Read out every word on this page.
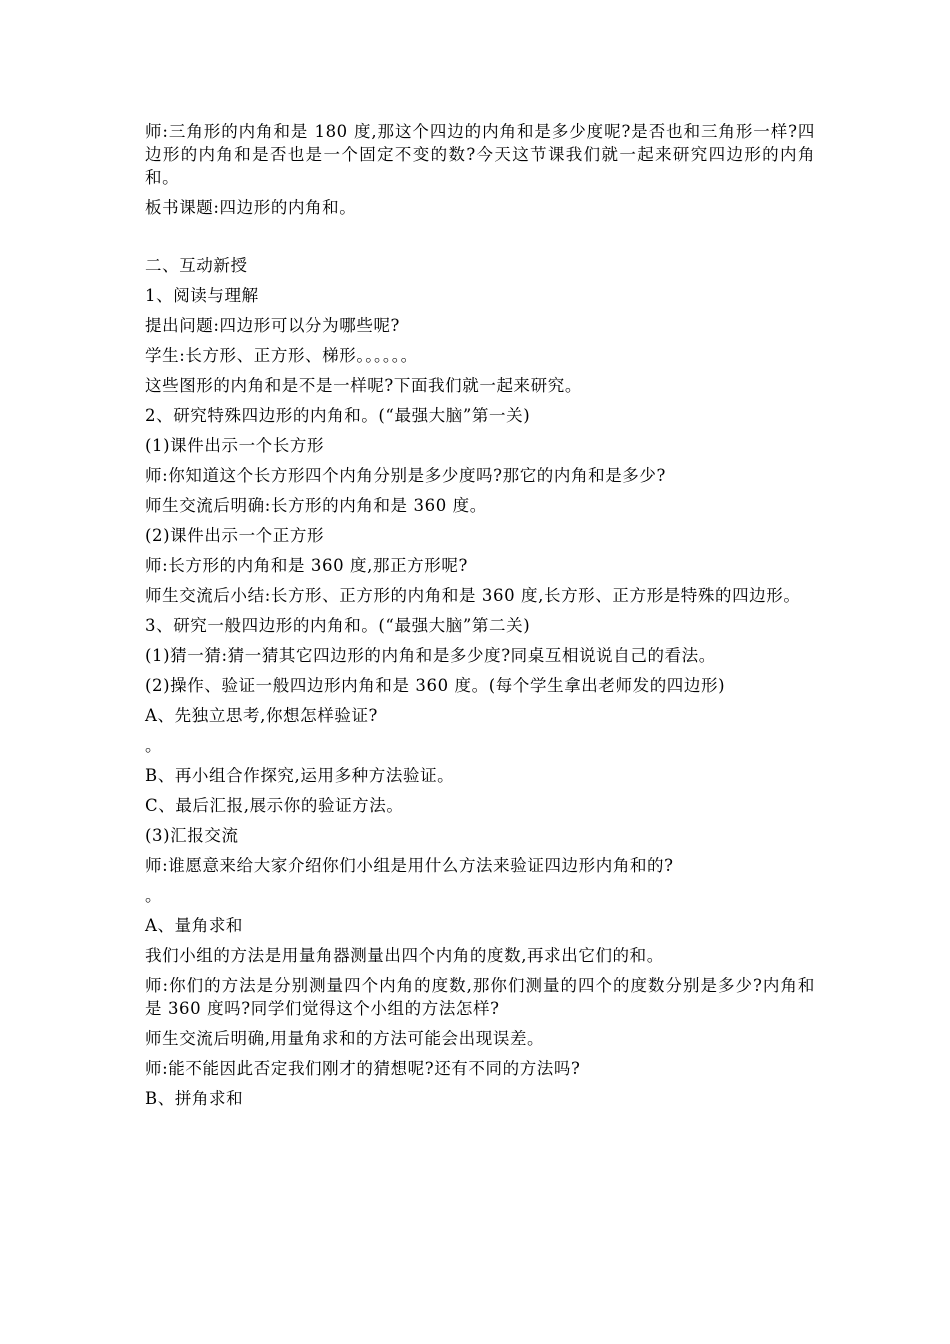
师:三角形的内角和是 180 度,那这个四边的内角和是多少度呢?是否也和三角形一样?四边形的内角和是否也是一个固定不变的数?今天这节课我们就一起来研究四边形的内角和。

板书课题:四边形的内角和。

二、互动新授

1、阅读与理解

提出问题:四边形可以分为哪些呢?

学生:长方形、正方形、梯形。。。。。。

这些图形的内角和是不是一样呢?下面我们就一起来研究。

2、研究特殊四边形的内角和。(“最强大脑”第一关)

(1)课件出示一个长方形

师:你知道这个长方形四个内角分别是多少度吗?那它的内角和是多少?

师生交流后明确:长方形的内角和是 360 度。

(2)课件出示一个正方形

师:长方形的内角和是 360 度,那正方形呢?

师生交流后小结:长方形、正方形的内角和是 360 度,长方形、正方形是特殊的四边形。

3、研究一般四边形的内角和。(“最强大脑”第二关)

(1)猜一猜:猜一猜其它四边形的内角和是多少度?同桌互相说说自己的看法。

(2)操作、验证一般四边形内角和是 360 度。(每个学生拿出老师发的四边形)

A、先独立思考,你想怎样验证?

。

B、再小组合作探究,运用多种方法验证。

C、最后汇报,展示你的验证方法。

(3)汇报交流

师:谁愿意来给大家介绍你们小组是用什么方法来验证四边形内角和的?

。

A、量角求和

我们小组的方法是用量角器测量出四个内角的度数,再求出它们的和。

师:你们的方法是分别测量四个内角的度数,那你们测量的四个的度数分别是多少?内角和是 360 度吗?同学们觉得这个小组的方法怎样?

师生交流后明确,用量角求和的方法可能会出现误差。

师:能不能因此否定我们刚才的猜想呢?还有不同的方法吗?

B、拼角求和
